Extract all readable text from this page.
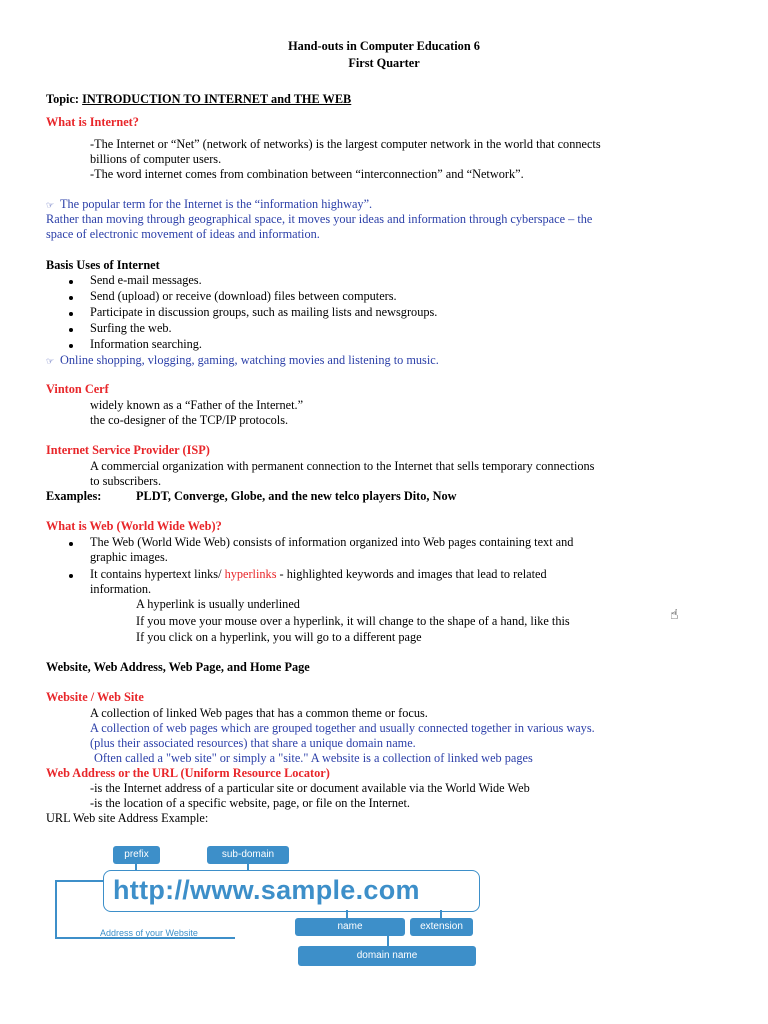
Hand-outs in Computer Education 6
First Quarter
Topic: INTRODUCTION TO INTERNET and THE WEB
What is Internet?
-The Internet or “Net” (network of networks) is the largest computer network in the world that connects
billions of computer users.
-The word internet comes from combination between “interconnection” and “Network”.
☞ The popular term for the Internet is the “information highway”.
Rather than moving through geographical space, it moves your ideas and information through cyberspace – the
space of electronic movement of ideas and information.
Basis Uses of Internet
Send e-mail messages.
Send (upload) or receive (download) files between computers.
Participate in discussion groups, such as mailing lists and newsgroups.
Surfing the web.
Information searching.
☞ Online shopping, vlogging, gaming, watching movies and listening to music.
Vinton Cerf
widely known as a “Father of the Internet.”
the co-designer of the TCP/IP protocols.
Internet Service Provider (ISP)
A commercial organization with permanent connection to the Internet that sells temporary connections
to subscribers.
Examples:	PLDT, Converge, Globe, and the new telco players Dito, Now
What is Web (World Wide Web)?
The Web (World Wide Web) consists of information organized into Web pages containing text and
graphic images.
It contains hypertext links/ hyperlinks - highlighted keywords and images that lead to related
information.
A hyperlink is usually underlined
If you move your mouse over a hyperlink, it will change to the shape of a hand, like this	☝
If you click on a hyperlink, you will go to a different page
Website, Web Address, Web Page, and Home Page
Website / Web Site
A collection of linked Web pages that has a common theme or focus.
A collection of web pages which are grouped together and usually connected together in various ways.
(plus their associated resources) that share a unique domain name.
Often called a "web site" or simply a "site." A website is a collection of linked web pages
Web Address or the URL (Uniform Resource Locator)
-is the Internet address of a particular site or document available via the World Wide Web
-is the location of a specific website, page, or file on the Internet.
URL Web site Address Example:
prefix	sub-domain
http://www.sample.com
Address of your Website
name	extension
domain name
